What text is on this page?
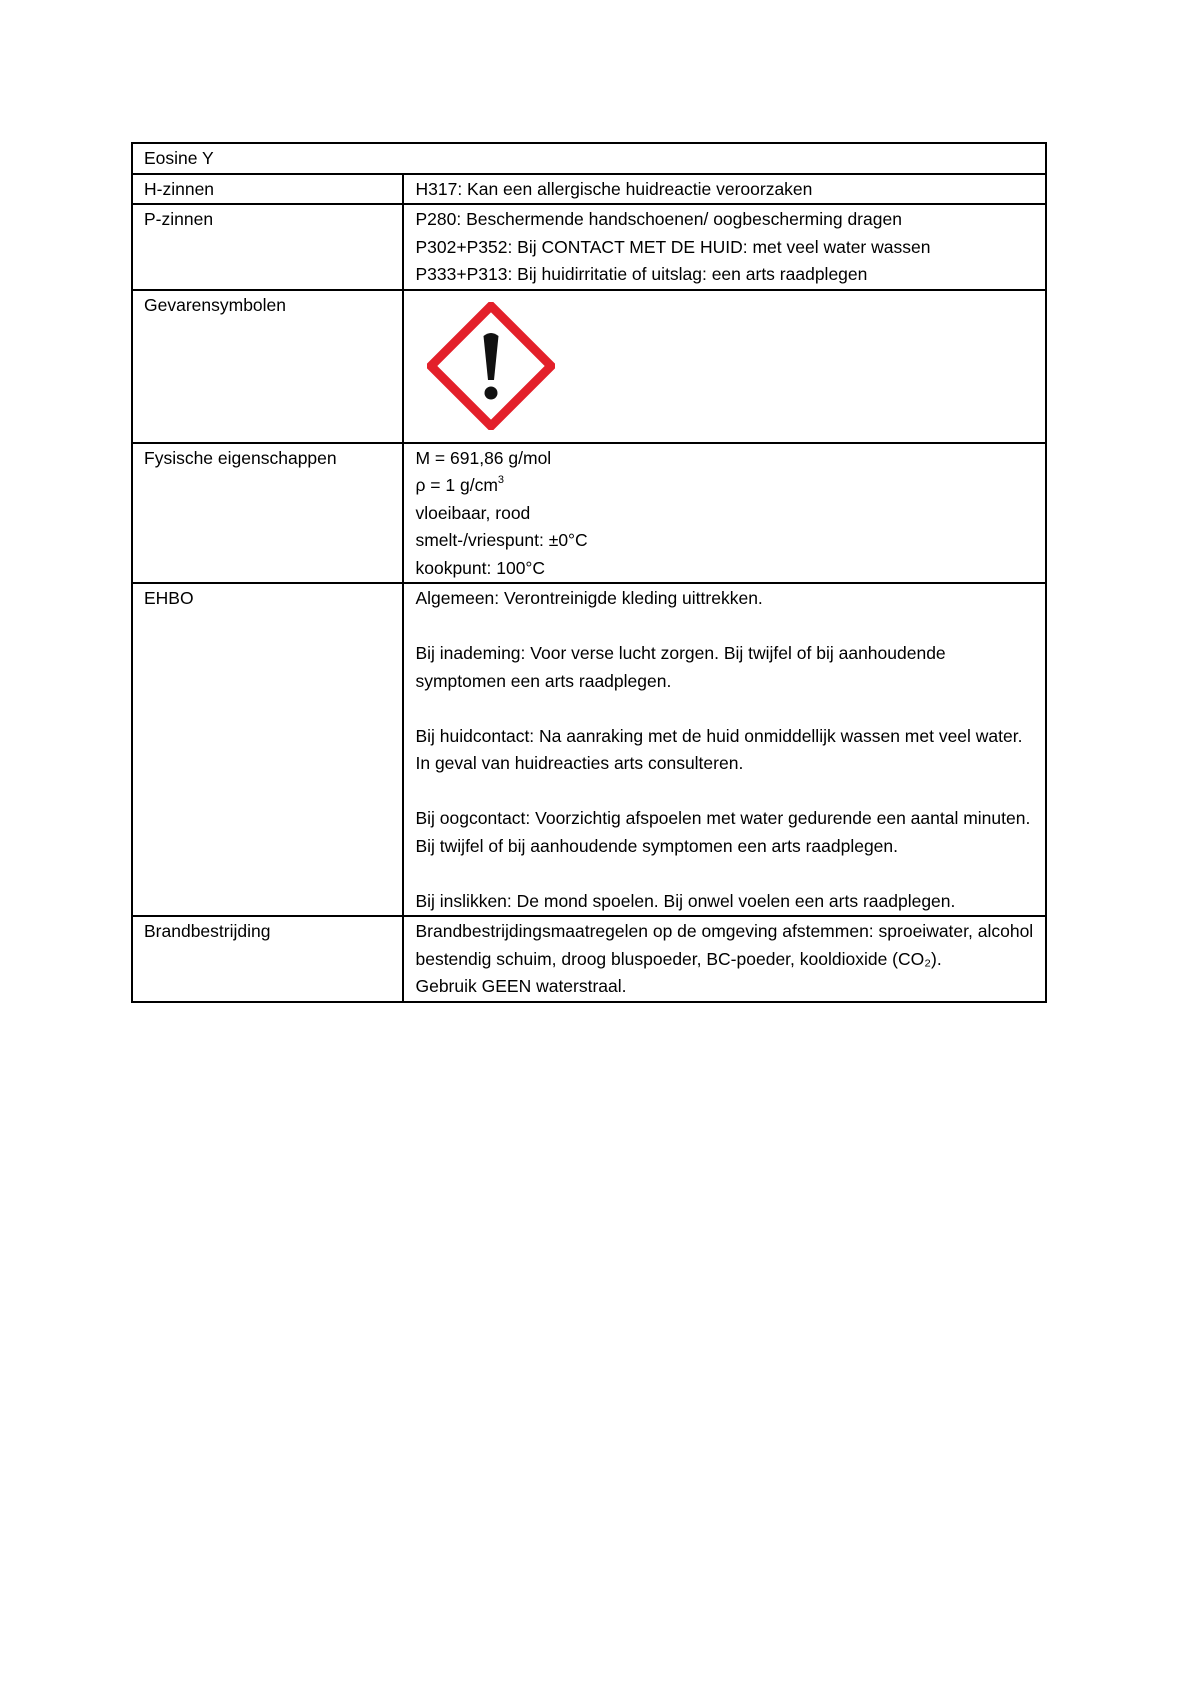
Eosine Y	
H-zinnen	H317: Kan een allergische huidreactie veroorzaken
P-zinnen	P280: Beschermende handschoenen/ oogbescherming dragen
P302+P352: Bij CONTACT MET DE HUID: met veel water wassen
P333+P313: Bij huidirritatie of uitslag: een arts raadplegen

Gevarensymbolen	

Fysische eigenschappen	M = 691,86 g/mol
ρ = 1 $g/cm^3$
vloeibaar, rood
smelt-/vriespunt: ±0°C
kookpunt: 100°C

EHBO	Algemeen: Verontreinigde kleding uittrekken.
Bij inademing: Voor verse lucht zorgen. Bij twijfel of bij aanhoudende symptomen een arts raadplegen.
Bij huidcontact: Na aanraking met de huid onmiddellijk wassen met veel water. In geval van huidreacties arts consulteren.
Bij oogcontact: Voorzichtig afspoelen met water gedurende een aantal minuten. Bij twijfel of bij aanhoudende symptomen een arts raadplegen.
Bij inslikken: De mond spoelen. Bij onwel voelen een arts raadplegen.

Brandbestrijding	Brandbestrijdingsmaatregelen op de omgeving afstemmen: sproeiwater, alcohol bestendig schuim, droog bluspoeder, BC-poeder, kooldioxide (CO₂).
Gebruik GEEN waterstraal.
